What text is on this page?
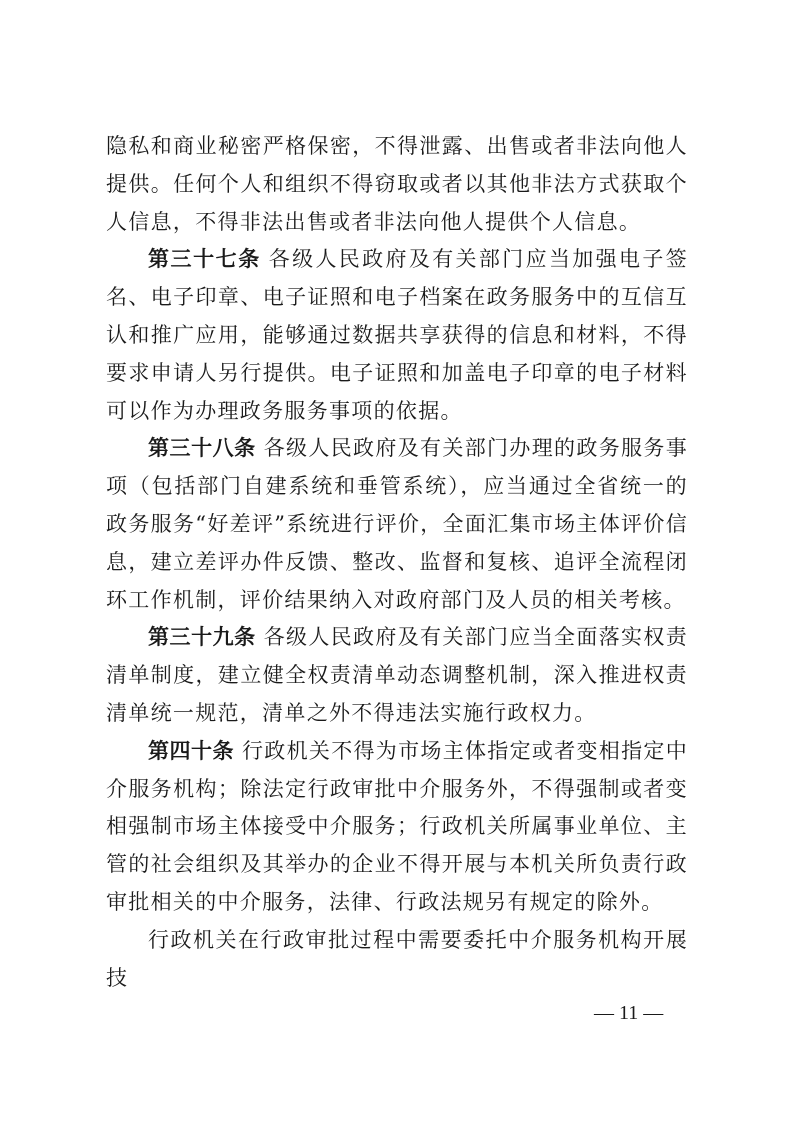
隐私和商业秘密严格保密，不得泄露、出售或者非法向他人提供。任何个人和组织不得窃取或者以其他非法方式获取个人信息，不得非法出售或者非法向他人提供个人信息。

第三十七条 各级人民政府及有关部门应当加强电子签名、电子印章、电子证照和电子档案在政务服务中的互信互认和推广应用，能够通过数据共享获得的信息和材料，不得要求申请人另行提供。电子证照和加盖电子印章的电子材料可以作为办理政务服务事项的依据。

第三十八条 各级人民政府及有关部门办理的政务服务事项（包括部门自建系统和垂管系统），应当通过全省统一的政务服务“好差评”系统进行评价，全面汇集市场主体评价信息，建立差评办件反馈、整改、监督和复核、追评全流程闭环工作机制，评价结果纳入对政府部门及人员的相关考核。

第三十九条 各级人民政府及有关部门应当全面落实权责清单制度，建立健全权责清单动态调整机制，深入推进权责清单统一规范，清单之外不得违法实施行政权力。

第四十条 行政机关不得为市场主体指定或者变相指定中介服务机构；除法定行政审批中介服务外，不得强制或者变相强制市场主体接受中介服务；行政机关所属事业单位、主管的社会组织及其举办的企业不得开展与本机关所负责行政审批相关的中介服务，法律、行政法规另有规定的除外。

行政机关在行政审批过程中需要委托中介服务机构开展技

— 11 —
